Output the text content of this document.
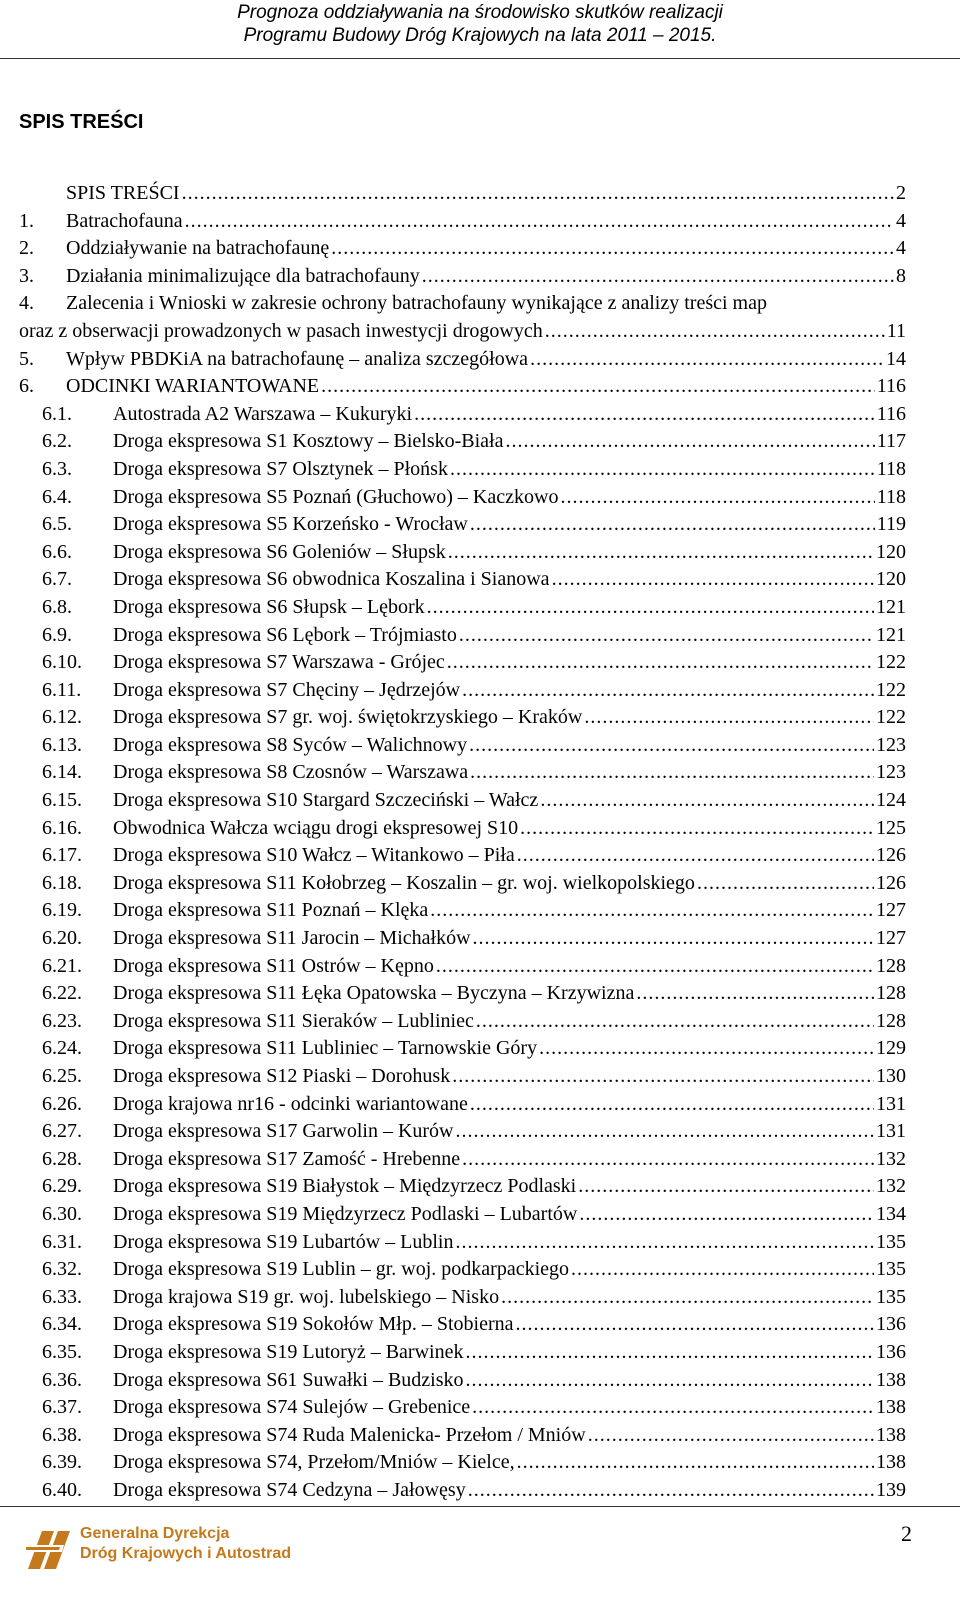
Prognoza oddziaływania na środowisko skutków realizacji
Programu Budowy Dróg Krajowych na lata 2011 – 2015.
SPIS TREŚCI
SPIS TREŚCI .....	2
1. Batrachofauna .....	4
2. Oddziaływanie na batrachofaunę .....	4
3. Działania minimalizujące dla batrachofauny .....	8
4. Zalecenia i Wnioski w zakresie ochrony batrachofauny wynikające z analizy treści map
oraz z obserwacji prowadzonych w pasach inwestycji drogowych .....	11
5. Wpływ PBDKiA na batrachofaunę – analiza szczegółowa .....	14
6. ODCINKI WARIANTOWANE .....	116
6.1. Autostrada A2 Warszawa – Kukuryki .....	116
6.2. Droga ekspresowa S1 Kosztowy – Bielsko-Biała .....	117
6.3. Droga ekspresowa S7 Olsztynek – Płońsk .....	118
6.4. Droga ekspresowa S5 Poznań (Głuchowo) – Kaczkowo .....	118
6.5. Droga ekspresowa S5 Korzeńsko - Wrocław .....	119
6.6. Droga ekspresowa S6 Goleniów – Słupsk .....	120
6.7. Droga ekspresowa S6 obwodnica Koszalina i Sianowa .....	120
6.8. Droga ekspresowa S6 Słupsk – Lębork .....	121
6.9. Droga ekspresowa S6 Lębork – Trójmiasto .....	121
6.10. Droga ekspresowa S7 Warszawa - Grójec .....	122
6.11. Droga ekspresowa S7 Chęciny – Jędrzejów .....	122
6.12. Droga ekspresowa S7 gr. woj. świętokrzyskiego – Kraków .....	122
6.13. Droga ekspresowa S8 Syców – Walichnowy .....	123
6.14. Droga ekspresowa S8 Czosnów – Warszawa .....	123
6.15. Droga ekspresowa S10 Stargard Szczeciński – Wałcz .....	124
6.16. Obwodnica Wałcza wciągu drogi ekspresowej S10 .....	125
6.17. Droga ekspresowa S10 Wałcz – Witankowo – Piła .....	126
6.18. Droga ekspresowa S11 Kołobrzeg – Koszalin – gr. woj. wielkopolskiego .....	126
6.19. Droga ekspresowa S11 Poznań – Klęka .....	127
6.20. Droga ekspresowa S11 Jarocin – Michałków .....	127
6.21. Droga ekspresowa S11 Ostrów – Kępno .....	128
6.22. Droga ekspresowa S11 Łęka Opatowska – Byczyna – Krzywizna .....	128
6.23. Droga ekspresowa S11 Sieraków – Lubliniec .....	128
6.24. Droga ekspresowa S11 Lubliniec – Tarnowskie Góry .....	129
6.25. Droga ekspresowa S12 Piaski – Dorohusk .....	130
6.26. Droga krajowa nr16 - odcinki wariantowane .....	131
6.27. Droga ekspresowa S17 Garwolin – Kurów .....	131
6.28. Droga ekspresowa S17 Zamość - Hrebenne .....	132
6.29. Droga ekspresowa S19 Białystok – Międzyrzecz Podlaski .....	132
6.30. Droga ekspresowa S19 Międzyrzecz Podlaski – Lubartów .....	134
6.31. Droga ekspresowa S19 Lubartów – Lublin .....	135
6.32. Droga ekspresowa S19 Lublin – gr. woj. podkarpackiego .....	135
6.33. Droga krajowa S19 gr. woj. lubelskiego – Nisko .....	135
6.34. Droga ekspresowa S19 Sokołów Młp. – Stobierna .....	136
6.35. Droga ekspresowa S19 Lutoryż – Barwinek .....	136
6.36. Droga ekspresowa S61 Suwałki – Budzisko .....	138
6.37. Droga ekspresowa S74 Sulejów – Grebenice .....	138
6.38. Droga ekspresowa S74 Ruda Malenicka- Przełom / Mniów .....	138
6.39. Droga ekspresowa S74, Przełom/Mniów – Kielce, .....	138
6.40. Droga ekspresowa S74 Cedzyna – Jałowęsy .....	139
Generalna Dyrekcja
Dróg Krajowych i Autostrad
2
